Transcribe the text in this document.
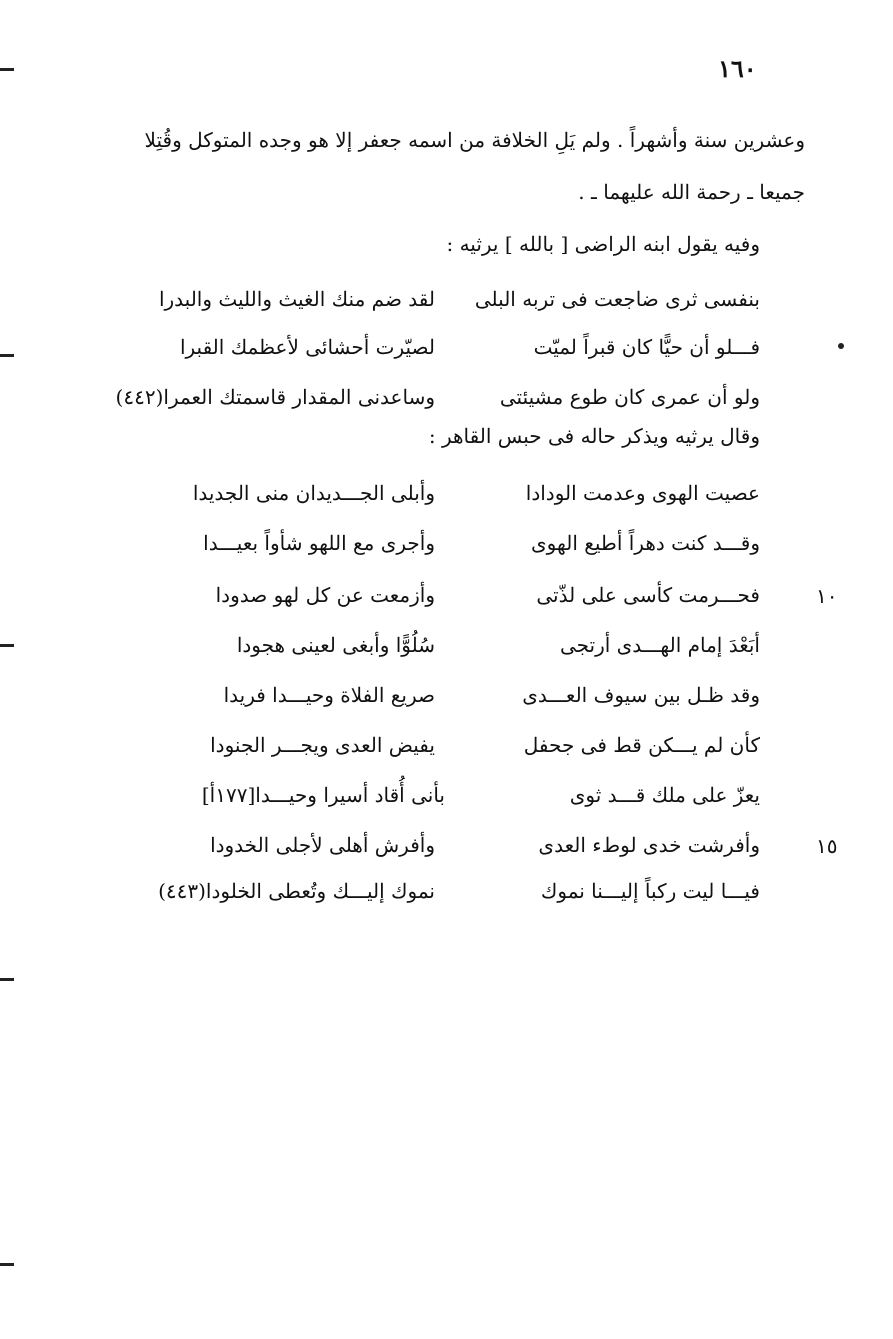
١٦٠
وعشرين سنة وأشهراً . ولم يَلِ الخلافة من اسمه جعفر إلا هو وجده المتوكل وقُتِلا
جميعا ـ رحمة الله عليهما ـ .
وفيه يقول ابنه الراضى [ بالله ] يرثيه :
بنفسى ثرى ضاجعت فى تربه البلى
لقد ضم منك الغيث والليث والبدرا
فـــلو أن حيًّا كان قبراً لميّت
لصيّرت أحشائى لأعظمك القبرا
ولو أن عمرى كان طوع مشيئتى
وساعدنى المقدار قاسمتك العمرا(٤٤٢)
وقال يرثيه ويذكر حاله فى حبس القاهر :
عصيت الهوى وعدمت الودادا
وأبلى الجـــديدان منى الجديدا
وقـــد كنت دهراً أطيع الهوى
وأجرى مع اللهو شأواً بعيـــدا
١٠
فحـــرمت كأسى على لذّتى
وأزمعت عن كل لهو صدودا
أبَعْدَ إمام الهـــدى أرتجى
سُلُوًّا وأبغى لعينى هجودا
وقد ظـل بين سيوف العـــدى
صريع الفلاة وحيـــدا فريدا
كأن لم يـــكن قط فى جحفل
يفيض العدى ويجـــر الجنودا
يعزّ على ملك قـــد ثوى
بأنى أُقاد أسيرا وحيـــدا[١٧٧أ]
١٥
وأفرشت خدى لوطء العدى
وأفرش أهلى لأجلى الخدودا
فيـــا ليت ركباً إليـــنا نموك
نموك إليـــك وتُعطى الخلودا(٤٤٣)
